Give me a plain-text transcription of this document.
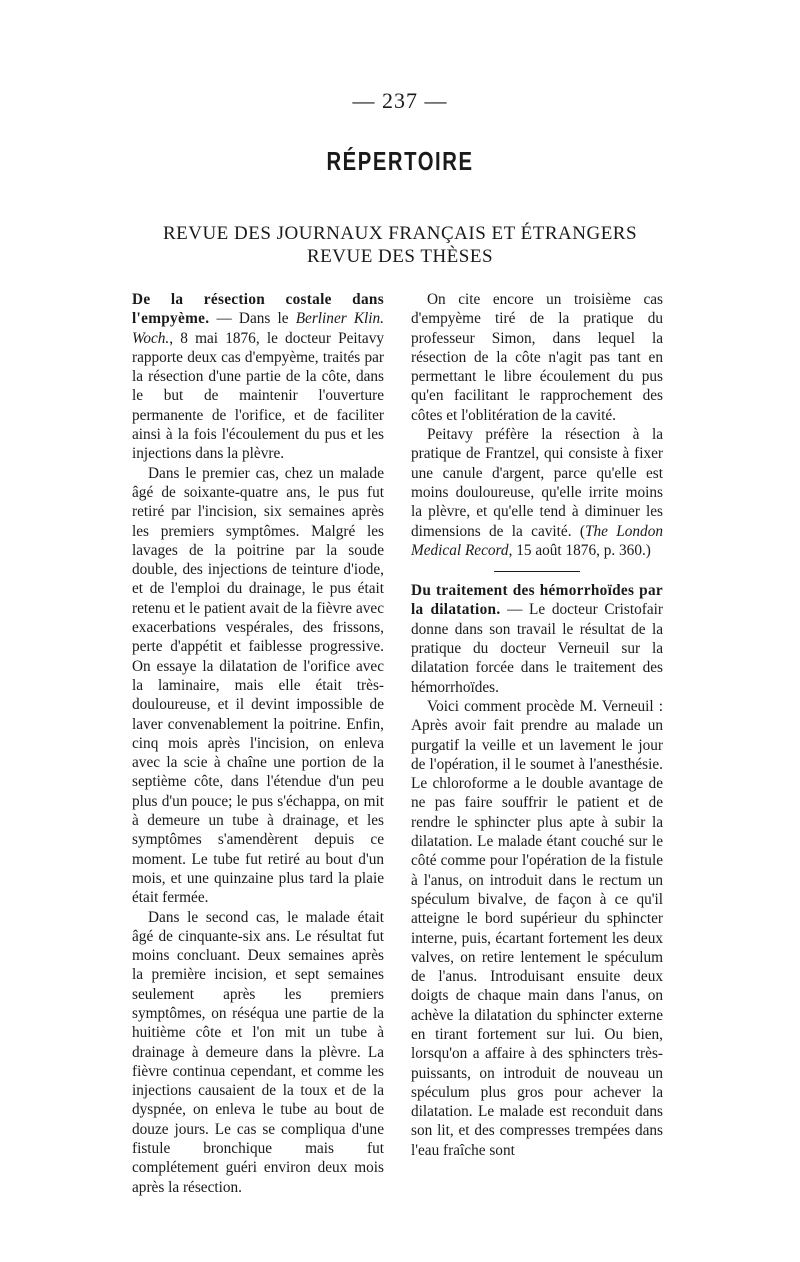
— 237 —
RÉPERTOIRE
REVUE DES JOURNAUX FRANÇAIS ET ÉTRANGERS
REVUE DES THÈSES

De la résection costale dans l'empyème. — Dans le Berliner Klin. Woch., 8 mai 1876, le docteur Peitavy rapporte deux cas d'empyème, traités par la résection d'une partie de la côte, dans le but de maintenir l'ouverture permanente de l'orifice, et de faciliter ainsi à la fois l'écoulement du pus et les injections dans la plèvre.

Dans le premier cas, chez un malade âgé de soixante-quatre ans, le pus fut retiré par l'incision, six semaines après les premiers symptômes. Malgré les lavages de la poitrine par la soude double, des injections de teinture d'iode, et de l'emploi du drainage, le pus était retenu et le patient avait de la fièvre avec exacerbations vespérales, des frissons, perte d'appétit et faiblesse progressive. On essaye la dilatation de l'orifice avec la laminaire, mais elle était très-douloureuse, et il devint impossible de laver convenablement la poitrine. Enfin, cinq mois après l'incision, on enleva avec la scie à chaîne une portion de la septième côte, dans l'étendue d'un peu plus d'un pouce; le pus s'échappa, on mit à demeure un tube à drainage, et les symptômes s'amendèrent depuis ce moment. Le tube fut retiré au bout d'un mois, et une quinzaine plus tard la plaie était fermée.

Dans le second cas, le malade était âgé de cinquante-six ans. Le résultat fut moins concluant. Deux semaines après la première incision, et sept semaines seulement après les premiers symptômes, on réséqua une partie de la huitième côte et l'on mit un tube à drainage à demeure dans la plèvre. La fièvre continua cependant, et comme les injections causaient de la toux et de la dyspnée, on enleva le tube au bout de douze jours. Le cas se compliqua d'une fistule bronchique mais fut complétement guéri environ deux mois après la résection.

On cite encore un troisième cas d'empyème tiré de la pratique du professeur Simon, dans lequel la résection de la côte n'agit pas tant en permettant le libre écoulement du pus qu'en facilitant le rapprochement des côtes et l'oblitération de la cavité.

Peitavy préfère la résection à la pratique de Frantzel, qui consiste à fixer une canule d'argent, parce qu'elle est moins douloureuse, qu'elle irrite moins la plèvre, et qu'elle tend à diminuer les dimensions de la cavité. (The London Medical Record, 15 août 1876, p. 360.)

Du traitement des hémorrhoïdes par la dilatation. — Le docteur Cristofair donne dans son travail le résultat de la pratique du docteur Verneuil sur la dilatation forcée dans le traitement des hémorrhoïdes.

Voici comment procède M. Verneuil : Après avoir fait prendre au malade un purgatif la veille et un lavement le jour de l'opération, il le soumet à l'anesthésie. Le chloroforme a le double avantage de ne pas faire souffrir le patient et de rendre le sphincter plus apte à subir la dilatation. Le malade étant couché sur le côté comme pour l'opération de la fistule à l'anus, on introduit dans le rectum un spéculum bivalve, de façon à ce qu'il atteigne le bord supérieur du sphincter interne, puis, écartant fortement les deux valves, on retire lentement le spéculum de l'anus. Introduisant ensuite deux doigts de chaque main dans l'anus, on achève la dilatation du sphincter externe en tirant fortement sur lui. Ou bien, lorsqu'on a affaire à des sphincters très-puissants, on introduit de nouveau un spéculum plus gros pour achever la dilatation. Le malade est reconduit dans son lit, et des compresses trempées dans l'eau fraîche sont
